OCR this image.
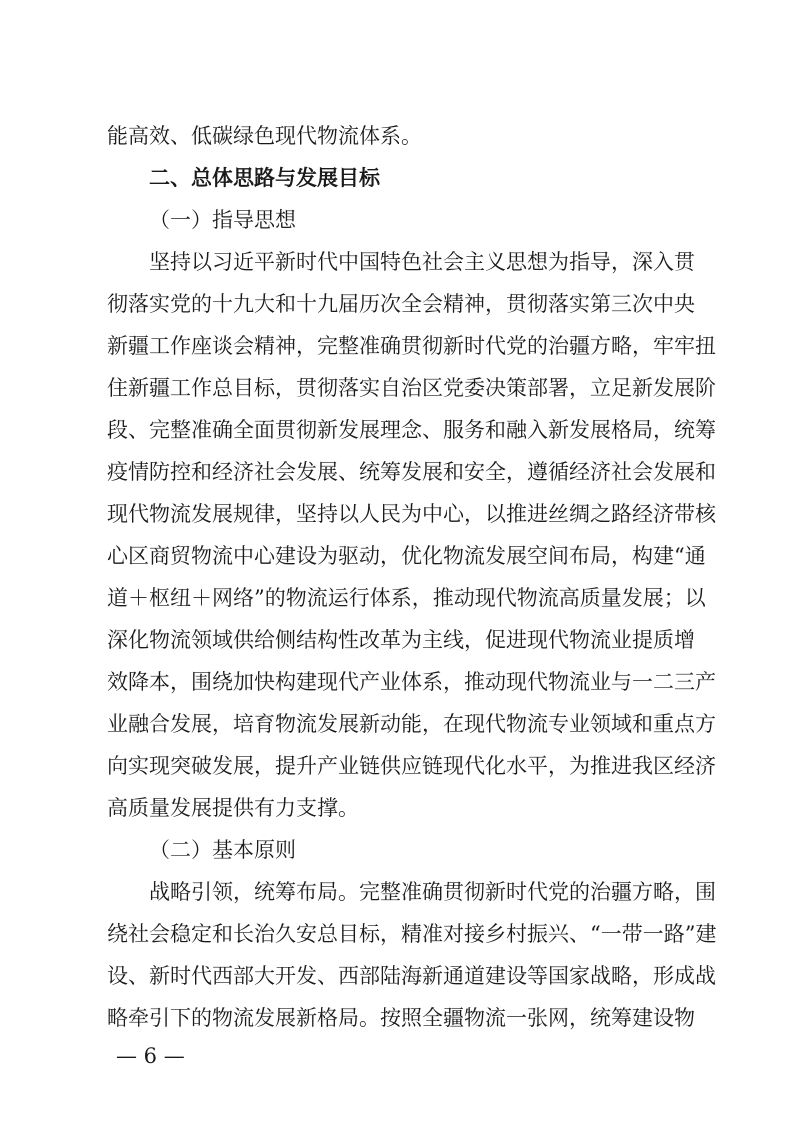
能高效、低碳绿色现代物流体系。
二、总体思路与发展目标
（一）指导思想
坚持以习近平新时代中国特色社会主义思想为指导，深入贯
彻落实党的十九大和十九届历次全会精神，贯彻落实第三次中央
新疆工作座谈会精神，完整准确贯彻新时代党的治疆方略，牢牢扭
住新疆工作总目标，贯彻落实自治区党委决策部署，立足新发展阶
段、完整准确全面贯彻新发展理念、服务和融入新发展格局，统筹
疫情防控和经济社会发展、统筹发展和安全，遵循经济社会发展和
现代物流发展规律，坚持以人民为中心，以推进丝绸之路经济带核
心区商贸物流中心建设为驱动，优化物流发展空间布局，构建“通
道＋枢纽＋网络”的物流运行体系，推动现代物流高质量发展；以
深化物流领域供给侧结构性改革为主线，促进现代物流业提质增
效降本，围绕加快构建现代产业体系，推动现代物流业与一二三产
业融合发展，培育物流发展新动能，在现代物流专业领域和重点方
向实现突破发展，提升产业链供应链现代化水平，为推进我区经济
高质量发展提供有力支撑。
（二）基本原则
战略引领，统筹布局。完整准确贯彻新时代党的治疆方略，围
绕社会稳定和长治久安总目标，精准对接乡村振兴、“一带一路”建
设、新时代西部大开发、西部陆海新通道建设等国家战略，形成战
略牵引下的物流发展新格局。按照全疆物流一张网，统筹建设物
— 6 —
